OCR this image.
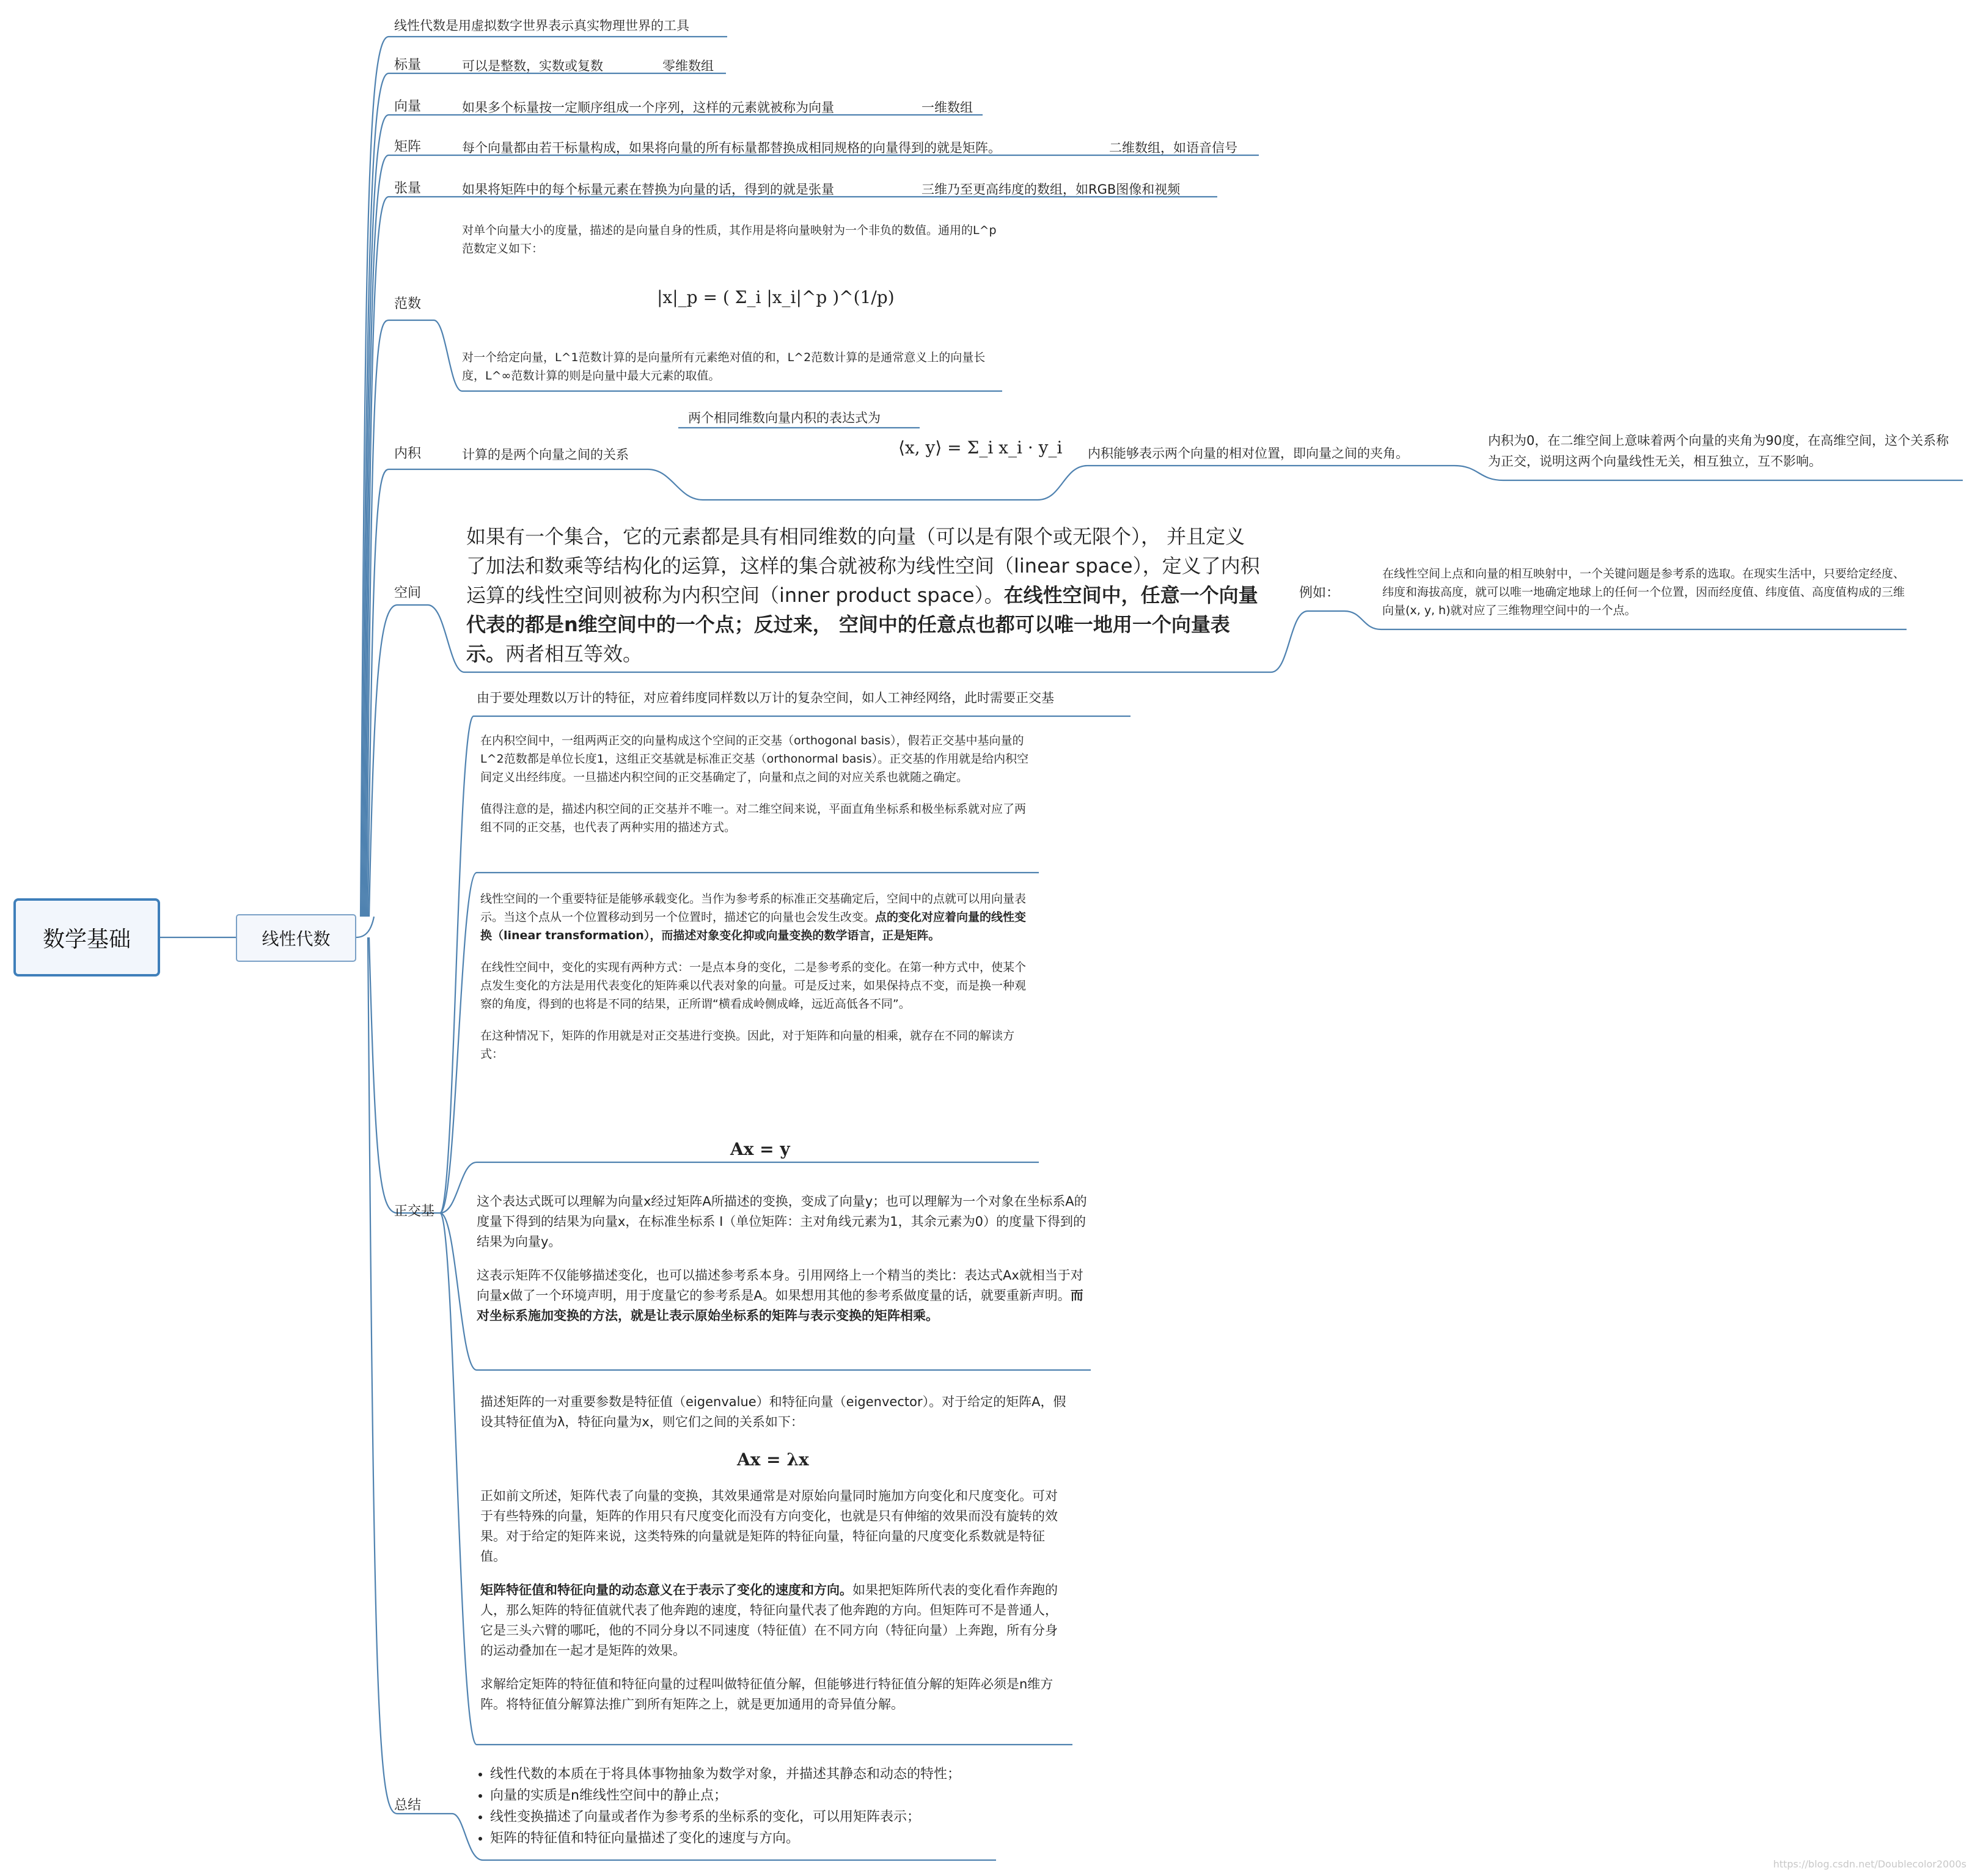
数学基础	线性代数
线性代数是用虚拟数字世界表示真实物理世界的工具
标量	可以是整数，实数或复数	零维数组
向量	如果多个标量按一定顺序组成一个序列，这样的元素就被称为向量	一维数组
矩阵	每个向量都由若干标量构成，如果将向量的所有标量都替换成相同规格的向量得到的就是矩阵。	二维数组，如语音信号
张量	如果将矩阵中的每个标量元素在替换为向量的话，得到的就是张量	三维乃至更高纬度的数组，如RGB图像和视频
范数
对单个向量大小的度量，描述的是向量自身的性质，其作用是将向量映射为一个非负的数值。通用的L^p范数定义如下：
|x|_p = ( Σ_i |x_i|^p )^(1/p)
对一个给定向量，L^1范数计算的是向量所有元素绝对值的和，L^2范数计算的是通常意义上的向量长度，L^∞范数计算的则是向量中最大元素的取值。
内积	计算的是两个向量之间的关系
两个相同维数向量内积的表达式为
⟨x, y⟩ = Σ_i x_i · y_i 内积能够表示两个向量的相对位置，即向量之间的夹角。
内积为0，在二维空间上意味着两个向量的夹角为90度，在高维空间，这个关系称为正交，说明这两个向量线性无关，相互独立，互不影响。
空间
如果有一个集合，它的元素都是具有相同维数的向量（可以是有限个或无限个）， 并且定义了加法和数乘等结构化的运算，这样的集合就被称为线性空间（linear space），定义了内积运算的线性空间则被称为内积空间（inner product space）。在线性空间中，任意一个向量代表的都是n维空间中的一个点；反过来， 空间中的任意点也都可以唯一地用一个向量表示。两者相互等效。
例如：
在线性空间上点和向量的相互映射中，一个关键问题是参考系的选取。在现实生活中，只要给定经度、纬度和海拔高度，就可以唯一地确定地球上的任何一个位置，因而经度值、纬度值、高度值构成的三维向量(x, y, h)就对应了三维物理空间中的一个点。
正交基
由于要处理数以万计的特征，对应着纬度同样数以万计的复杂空间，如人工神经网络，此时需要正交基

在内积空间中，一组两两正交的向量构成这个空间的正交基（orthogonal basis），假若正交基中基向量的L^2范数都是单位长度1，这组正交基就是标准正交基（orthonormal basis）。正交基的作用就是给内积空间定义出经纬度。一旦描述内积空间的正交基确定了，向量和点之间的对应关系也就随之确定。

值得注意的是，描述内积空间的正交基并不唯一。对二维空间来说，平面直角坐标系和极坐标系就对应了两组不同的正交基，也代表了两种实用的描述方式。

线性空间的一个重要特征是能够承载变化。当作为参考系的标准正交基确定后，空间中的点就可以用向量表示。当这个点从一个位置移动到另一个位置时，描述它的向量也会发生改变。点的变化对应着向量的线性变换（linear transformation），而描述对象变化抑或向量变换的数学语言，正是矩阵。

在线性空间中，变化的实现有两种方式：一是点本身的变化，二是参考系的变化。在第一种方式中，使某个点发生变化的方法是用代表变化的矩阵乘以代表对象的向量。可是反过来，如果保持点不变，而是换一种观察的角度，得到的也将是不同的结果，正所谓“横看成岭侧成峰，远近高低各不同”。

在这种情况下，矩阵的作用就是对正交基进行变换。因此，对于矩阵和向量的相乘，就存在不同的解读方式：

Ax = y

这个表达式既可以理解为向量x经过矩阵A所描述的变换，变成了向量y；也可以理解为一个对象在坐标系A的度量下得到的结果为向量x，在标准坐标系 I（单位矩阵：主对角线元素为1，其余元素为0）的度量下得到的结果为向量y。

这表示矩阵不仅能够描述变化，也可以描述参考系本身。引用网络上一个精当的类比：表达式Ax就相当于对向量x做了一个环境声明，用于度量它的参考系是A。如果想用其他的参考系做度量的话，就要重新声明。而对坐标系施加变换的方法，就是让表示原始坐标系的矩阵与表示变换的矩阵相乘。

描述矩阵的一对重要参数是特征值（eigenvalue）和特征向量（eigenvector）。对于给定的矩阵A，假设其特征值为λ，特征向量为x，则它们之间的关系如下：

Ax = λx

正如前文所述，矩阵代表了向量的变换，其效果通常是对原始向量同时施加方向变化和尺度变化。可对于有些特殊的向量，矩阵的作用只有尺度变化而没有方向变化，也就是只有伸缩的效果而没有旋转的效果。对于给定的矩阵来说，这类特殊的向量就是矩阵的特征向量，特征向量的尺度变化系数就是特征值。

矩阵特征值和特征向量的动态意义在于表示了变化的速度和方向。如果把矩阵所代表的变化看作奔跑的人，那么矩阵的特征值就代表了他奔跑的速度，特征向量代表了他奔跑的方向。但矩阵可不是普通人，它是三头六臂的哪吒，他的不同分身以不同速度（特征值）在不同方向（特征向量）上奔跑，所有分身的运动叠加在一起才是矩阵的效果。

求解给定矩阵的特征值和特征向量的过程叫做特征值分解，但能够进行特征值分解的矩阵必须是n维方阵。将特征值分解算法推广到所有矩阵之上，就是更加通用的奇异值分解。

总结
• 线性代数的本质在于将具体事物抽象为数学对象，并描述其静态和动态的特性；
• 向量的实质是n维线性空间中的静止点；
• 线性变换描述了向量或者作为参考系的坐标系的变化，可以用矩阵表示；
• 矩阵的特征值和特征向量描述了变化的速度与方向。
https://blog.csdn.net/Doublecolor2000s
